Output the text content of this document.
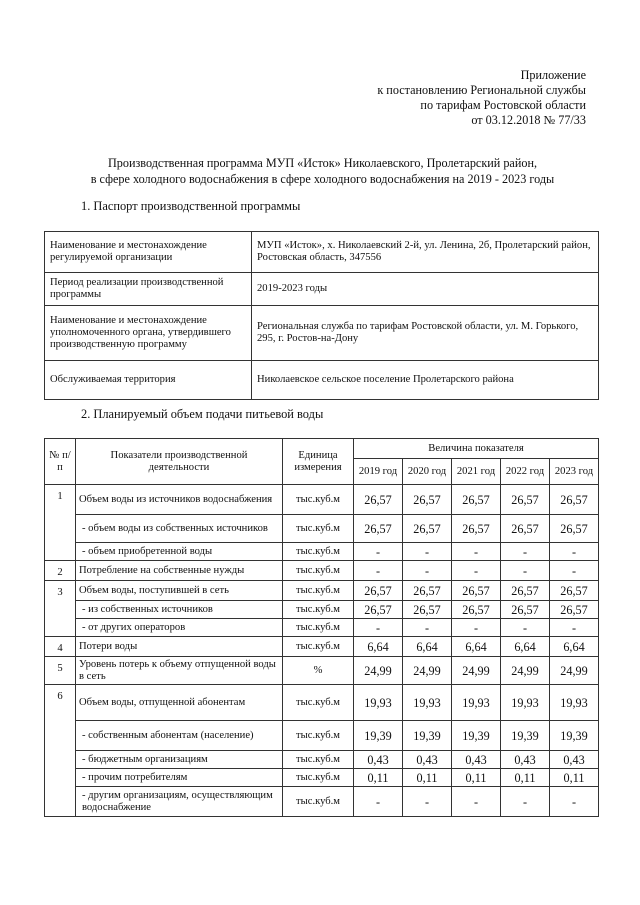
Приложение
к постановлению Региональной службы
по тарифам Ростовской области
от 03.12.2018 № 77/33
Производственная программа МУП «Исток» Николаевского, Пролетарский район,
в сфере холодного водоснабжения в сфере холодного водоснабжения на 2019 - 2023 годы
1. Паспорт производственной программы
Наименование и местонахождение регулируемой организации	МУП «Исток», х. Николаевский 2-й, ул. Ленина, 2б, Пролетарский район, Ростовская область, 347556
Период реализации производственной программы	2019-2023 годы
Наименование и местонахождение уполномоченного органа, утвердившего производственную программу	Региональная служба по тарифам Ростовской области, ул. М. Горького, 295, г. Ростов-на-Дону
Обслуживаемая территория	Николаевское сельское поселение Пролетарского района
2. Планируемый объем подачи питьевой воды
№ п/п	Показатели производственной деятельности	Единица измерения	Величина показателя				
			2019 год	2020 год	2021 год	2022 год	2023 год
1	Объем воды из источников водоснабжения	тыс.куб.м	26,57	26,57	26,57	26,57	26,57
	- объем воды из собственных источников	тыс.куб.м	26,57	26,57	26,57	26,57	26,57
	- объем приобретенной воды	тыс.куб.м	-	-	-	-	-
2	Потребление на собственные нужды	тыс.куб.м	-	-	-	-	-
3	Объем воды, поступившей в сеть	тыс.куб.м	26,57	26,57	26,57	26,57	26,57
	- из собственных источников	тыс.куб.м	26,57	26,57	26,57	26,57	26,57
	- от других операторов	тыс.куб.м	-	-	-	-	-
4	Потери воды	тыс.куб.м	6,64	6,64	6,64	6,64	6,64
5	Уровень потерь к объему отпущенной воды в сеть	%	24,99	24,99	24,99	24,99	24,99
6	Объем воды, отпущенной абонентам	тыс.куб.м	19,93	19,93	19,93	19,93	19,93
	- собственным абонентам (население)	тыс.куб.м	19,39	19,39	19,39	19,39	19,39
	- бюджетным организациям	тыс.куб.м	0,43	0,43	0,43	0,43	0,43
	- прочим потребителям	тыс.куб.м	0,11	0,11	0,11	0,11	0,11
	- другим организациям, осуществляющим водоснабжение	тыс.куб.м	-	-	-	-	-
